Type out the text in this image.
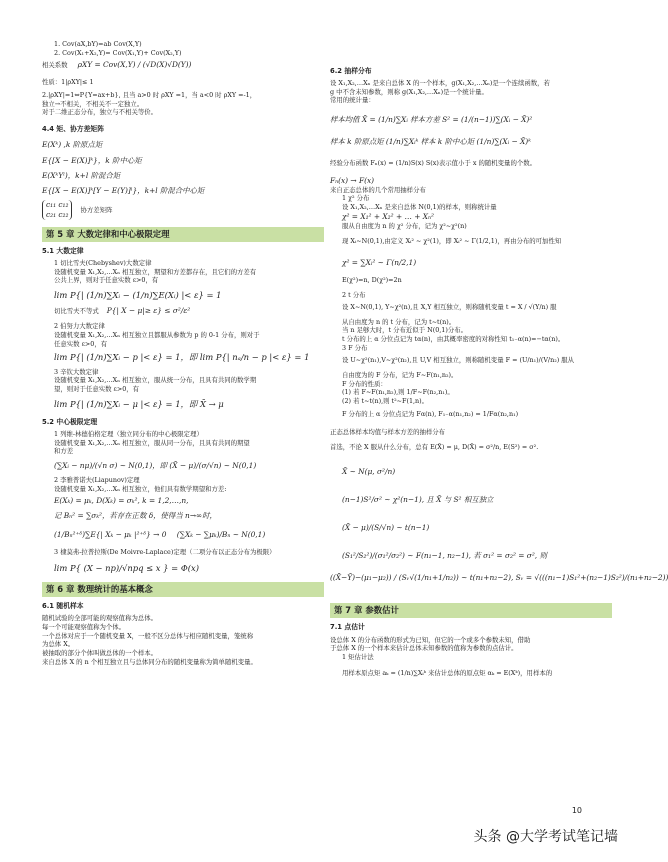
1. Cov(aX,bY)=ab Cov(X,Y)
2. Cov(X₁+X₂,Y)= Cov(X₁,Y)+ Cov(X₂,Y)
相关系数 ρXY = Cov(X,Y) / (√D(X)√D(Y))
性质：1|ρXY|≤ 1
2.|ρXY|=1⇔P{Y=ax+b}, 且当 a>0 时 ρXY =1，当 a<0 时 ρXY =-1，
独立→不相关，不相关不一定独立。
对于二维正态分布，独立与不相关等价。
4.4 矩、协方差矩阵
E(Xᵏ) ,k 阶原点矩
E{[X − E(X)]ᵏ}，k 阶中心矩
E(XᵏYˡ)，k+l 阶混合矩
E{[X − E(X)]ᵏ[Y − E(Y)]ˡ}，k+l 阶混合中心矩
c₁₁ c₁₂
c₂₁ c₂₂ 协方差矩阵
第 5 章 大数定律和中心极限定理
5.1 大数定律
1 切比雪夫(Chebyshev)大数定律
设随机变量 X₁,X₂,…Xₙ 相互独立，期望和方差都存在，且它们的方差有
公共上界，则对于任意实数 ε>0，有
lim P{| (1/n)∑Xᵢ − (1/n)∑E(Xᵢ) |< ε} = 1
切比雪夫不等式 P{| X − μ|≥ ε} ≤ σ²/ε²
2 伯努力大数定律
设随机变量 X₁,X₂,…Xₙ 相互独立且都服从参数为 p 的 0-1 分布，则对于
任意实数 ε>0，有
lim P{| (1/n)∑Xᵢ − p |< ε} = 1，即 lim P{| nₐ/n − p |< ε} = 1
3 辛钦大数定律
设随机变量 X₁,X₂,…Xₙ 相互独立，服从统一分布，且具有共同的数学期
望，则对于任意实数 ε>0，有
lim P{| (1/n)∑Xᵢ − μ |< ε} = 1，即 X̄ → μ
5.2 中心极限定理
1 列维-林德伯格定理（独立同分布的中心极限定理）
设随机变量 X₁,X₂,…Xₙ 相互独立，服从同一分布，且具有共同的期望
和方差
(∑Xᵢ − nμ)/(√n σ) ~ N(0,1)，即 (X̄ − μ)/(σ/√n) ~ N(0,1)
2 李雅普诺夫(Liapunov)定理
设随机变量 X₁,X₂,…Xₙ 相互独立，他们具有数学期望和方差:
E(Xₖ) = μₖ, D(Xₖ) = σₖ², k = 1,2,…,n,
记 Bₙ² = ∑σₖ²，若存在正数 δ，使得当 n→∞时，
(1/Bₙ²⁺ᵟ)∑E{| Xₖ − μₖ |²⁺ᵟ} → 0 (∑Xₖ − ∑μₖ)/Bₙ ~ N(0,1)
3 棣莫弗-拉普拉斯(De Moivre-Laplace)定理（二项分布以正态分布为极限）
lim P{ (X − np)/√npq ≤ x } = Φ(x)
第 6 章 数理统计的基本概念
6.1 随机样本
随机试验的全部可能的观察值称为总体。
每一个可能观察值称为个体。
一个总体对应于一个随机变量 X，一般不区分总体与相应随机变量，笼统称
为总体 X。
被抽取的部分个体叫做总体的一个样本。
来自总体 X 的 n 个相互独立且与总体同分布的随机变量称为简单随机变量。
6.2 抽样分布
设 X₁,X₂,…Xₙ 是来自总体 X 的一个样本，g(X₁,X₂,…Xₙ)是一个连续函数，若
g 中不含未知参数，则称 g(X₁,X₂,…Xₙ)是一个统计量。
常用的统计量：
样本均值 X̄ = (1/n)∑Xᵢ 样本方差 S² = (1/(n−1))∑(Xᵢ − X̄)²
样本 k 阶原点矩 (1/n)∑Xᵢᵏ 样本 k 阶中心矩 (1/n)∑(Xᵢ − X̄)ᵏ
经验分布函数 Fₙ(x) = (1/n)S(x) S(x)表示值小于 x 的随机变量的个数。
Fₙ(x) → F(x)
来自正态总体的几个常用抽样分布
1 χ² 分布
设 X₁,X₂,…Xₙ 是来自总体 N(0,1)的样本，则称统计量
χ² = X₁² + X₂² + … + Xₙ²
服从自由度为 n 的 χ² 分布，记为 χ²~χ²(n)
现 Xᵢ~N(0,1),由定义 Xᵢ² ~ χ²(1)，即 Xᵢ² ~ Γ(1/2,1)，再由分布的可加性知
χ² = ∑Xᵢ² ~ Γ(n/2,1)
E(χ²)=n, D(χ²)=2n
2 t 分布
设 X~N(0,1), Y~χ²(n),且 X,Y 相互独立，则称随机变量 t = X / √(Y/n) 服
从自由度为 n 的 t 分布，记为 t~t(n)。
当 n 足够大时，t 分布近似于 N(0,1)分布。
t 分布的上 α 分位点记为 tα(n)，由其概率密度的对称性知 t₁₋α(n)=−tα(n)。
3 F 分布
设 U~χ²(n₁),V~χ²(n₂),且 U,V 相互独立，则称随机变量 F = (U/n₁)/(V/n₂) 服从
自由度为的 F 分布，记为 F~F(n₁,n₂)。
F 分布的性质：
(1) 若 F~F(n₁,n₂),则 1/F~F(n₂,n₁)。
(2) 若 t~t(n),则 t²~F(1,n)。
F 分布的上 α 分位点记为 Fα(n), F₁₋α(n₁,n₂) = 1/Fα(n₂,n₁)
正态总体样本均值与样本方差的抽样分布
首选，不论 X 服从什么分布，总有 E(X̄) = μ, D(X̄) = σ²/n, E(S²) = σ².
X̄ ~ N(μ, σ²/n)
(n−1)S²/σ² ~ χ²(n−1), 且 X̄ 与 S² 相互独立
(X̄ − μ)/(S/√n) ~ t(n−1)
(S₁²/S₂²)/(σ₁²/σ₂²) ~ F(n₁−1, n₂−1), 若 σ₁² = σ₂² = σ², 则
((X̄−Ȳ)−(μ₁−μ₂)) / (Sᵥ√(1/n₁+1/n₂)) ~ t(n₁+n₂−2), Sᵥ = √(((n₁−1)S₁²+(n₂−1)S₂²)/(n₁+n₂−2))
第 7 章 参数估计
7.1 点估计
设总体 X 的分布函数的形式为已知，但它的一个或多个参数未知，借助
于总体 X 的一个样本来估计总体未知参数的值称为参数的点估计。
1 矩估计法
用样本原点矩 aₖ = (1/n)∑Xᵢᵏ 来估计总体的原点矩 αₖ = E(Xᵏ)，用样本的
10
头条 @大学考试笔记墙
